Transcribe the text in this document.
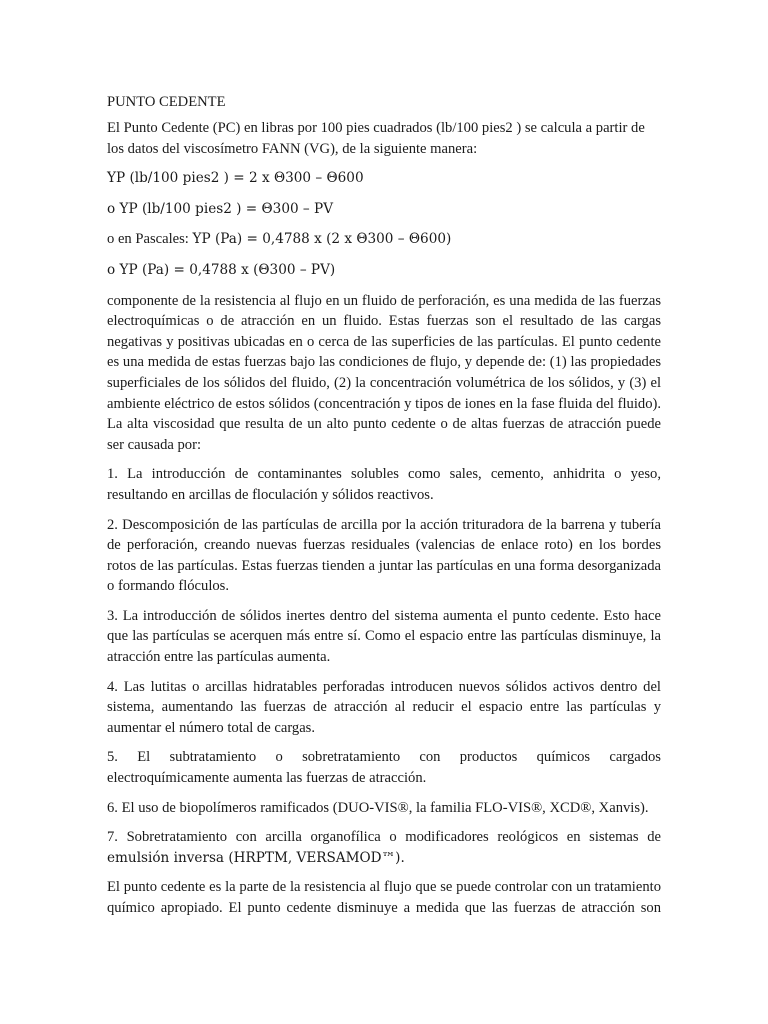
PUNTO CEDENTE

El Punto Cedente (PC) en libras por 100 pies cuadrados (lb/100 pies2 ) se calcula a partir de los datos del viscosímetro FANN (VG), de la siguiente manera:

YP (lb/100 pies2 ) = 2 x Θ300 – Θ600

o YP (lb/100 pies2 ) = Θ300 – PV

o en Pascales: YP (Pa) = 0,4788 x (2 x Θ300 – Θ600)

o YP (Pa) = 0,4788 x (Θ300 – PV)

componente de la resistencia al flujo en un fluido de perforación, es una medida de las fuerzas electroquímicas o de atracción en un fluido. Estas fuerzas son el resultado de las cargas negativas y positivas ubicadas en o cerca de las superficies de las partículas. El punto cedente es una medida de estas fuerzas bajo las condiciones de flujo, y depende de: (1) las propiedades superficiales de los sólidos del fluido, (2) la concentración volumétrica de los sólidos, y (3) el ambiente eléctrico de estos sólidos (concentración y tipos de iones en la fase fluida del fluido). La alta viscosidad que resulta de un alto punto cedente o de altas fuerzas de atracción puede ser causada por:

1. La introducción de contaminantes solubles como sales, cemento, anhidrita o yeso, resultando en arcillas de floculación y sólidos reactivos.

2. Descomposición de las partículas de arcilla por la acción trituradora de la barrena y tubería de perforación, creando nuevas fuerzas residuales (valencias de enlace roto) en los bordes rotos de las partículas. Estas fuerzas tienden a juntar las partículas en una forma desorganizada o formando flóculos.

3. La introducción de sólidos inertes dentro del sistema aumenta el punto cedente. Esto hace que las partículas se acerquen más entre sí. Como el espacio entre las partículas disminuye, la atracción entre las partículas aumenta.

4. Las lutitas o arcillas hidratables perforadas introducen nuevos sólidos activos dentro del sistema, aumentando las fuerzas de atracción al reducir el espacio entre las partículas y aumentar el número total de cargas.

5. El subtratamiento o sobretratamiento con productos químicos cargados electroquímicamente aumenta las fuerzas de atracción.

6. El uso de biopolímeros ramificados (DUO-VIS®, la familia FLO-VIS®, XCD®, Xanvis).

7. Sobretratamiento con arcilla organofílica o modificadores reológicos en sistemas de emulsión inversa (HRPTM, VERSAMOD™).

El punto cedente es la parte de la resistencia al flujo que se puede controlar con un tratamiento químico apropiado. El punto cedente disminuye a medida que las fuerzas de atracción son
